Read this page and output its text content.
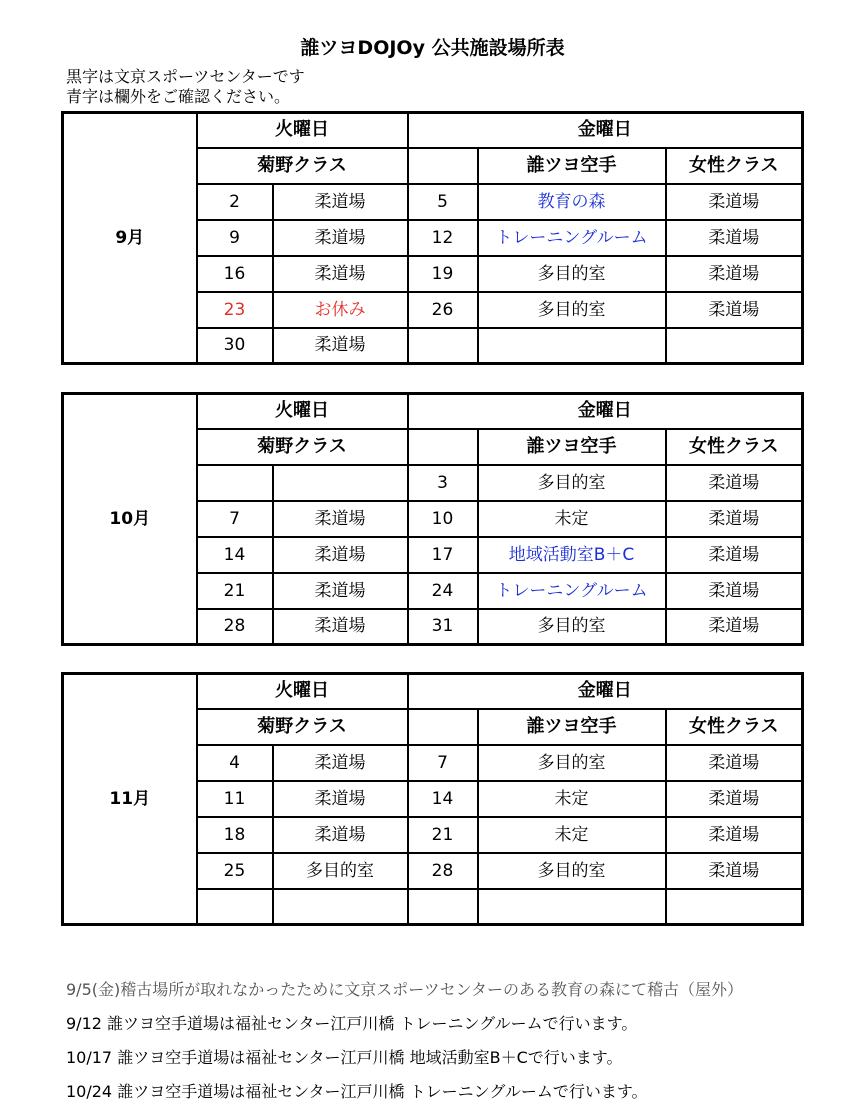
誰ツヨDOJOy 公共施設場所表
黒字は文京スポーツセンターです
青字は欄外をご確認ください。
9月	火曜日		金曜日		
	菊野クラス			誰ツヨ空手	女性クラス
	2	柔道場	5	教育の森	柔道場
	9	柔道場	12	トレーニングルーム	柔道場
	16	柔道場	19	多目的室	柔道場
	23	お休み	26	多目的室	柔道場
	30	柔道場			
10月	火曜日		金曜日		
	菊野クラス			誰ツヨ空手	女性クラス
			3	多目的室	柔道場
	7	柔道場	10	未定	柔道場
	14	柔道場	17	地域活動室B＋C	柔道場
	21	柔道場	24	トレーニングルーム	柔道場
	28	柔道場	31	多目的室	柔道場
11月	火曜日		金曜日		
	菊野クラス			誰ツヨ空手	女性クラス
	4	柔道場	7	多目的室	柔道場
	11	柔道場	14	未定	柔道場
	18	柔道場	21	未定	柔道場
	25	多目的室	28	多目的室	柔道場

9/5(金)稽古場所が取れなかったために文京スポーツセンターのある教育の森にて稽古（屋外）
9/12 誰ツヨ空手道場は福祉センター江戸川橋 トレーニングルームで行います。
10/17 誰ツヨ空手道場は福祉センター江戸川橋 地域活動室B＋Cで行います。
10/24 誰ツヨ空手道場は福祉センター江戸川橋 トレーニングルームで行います。
